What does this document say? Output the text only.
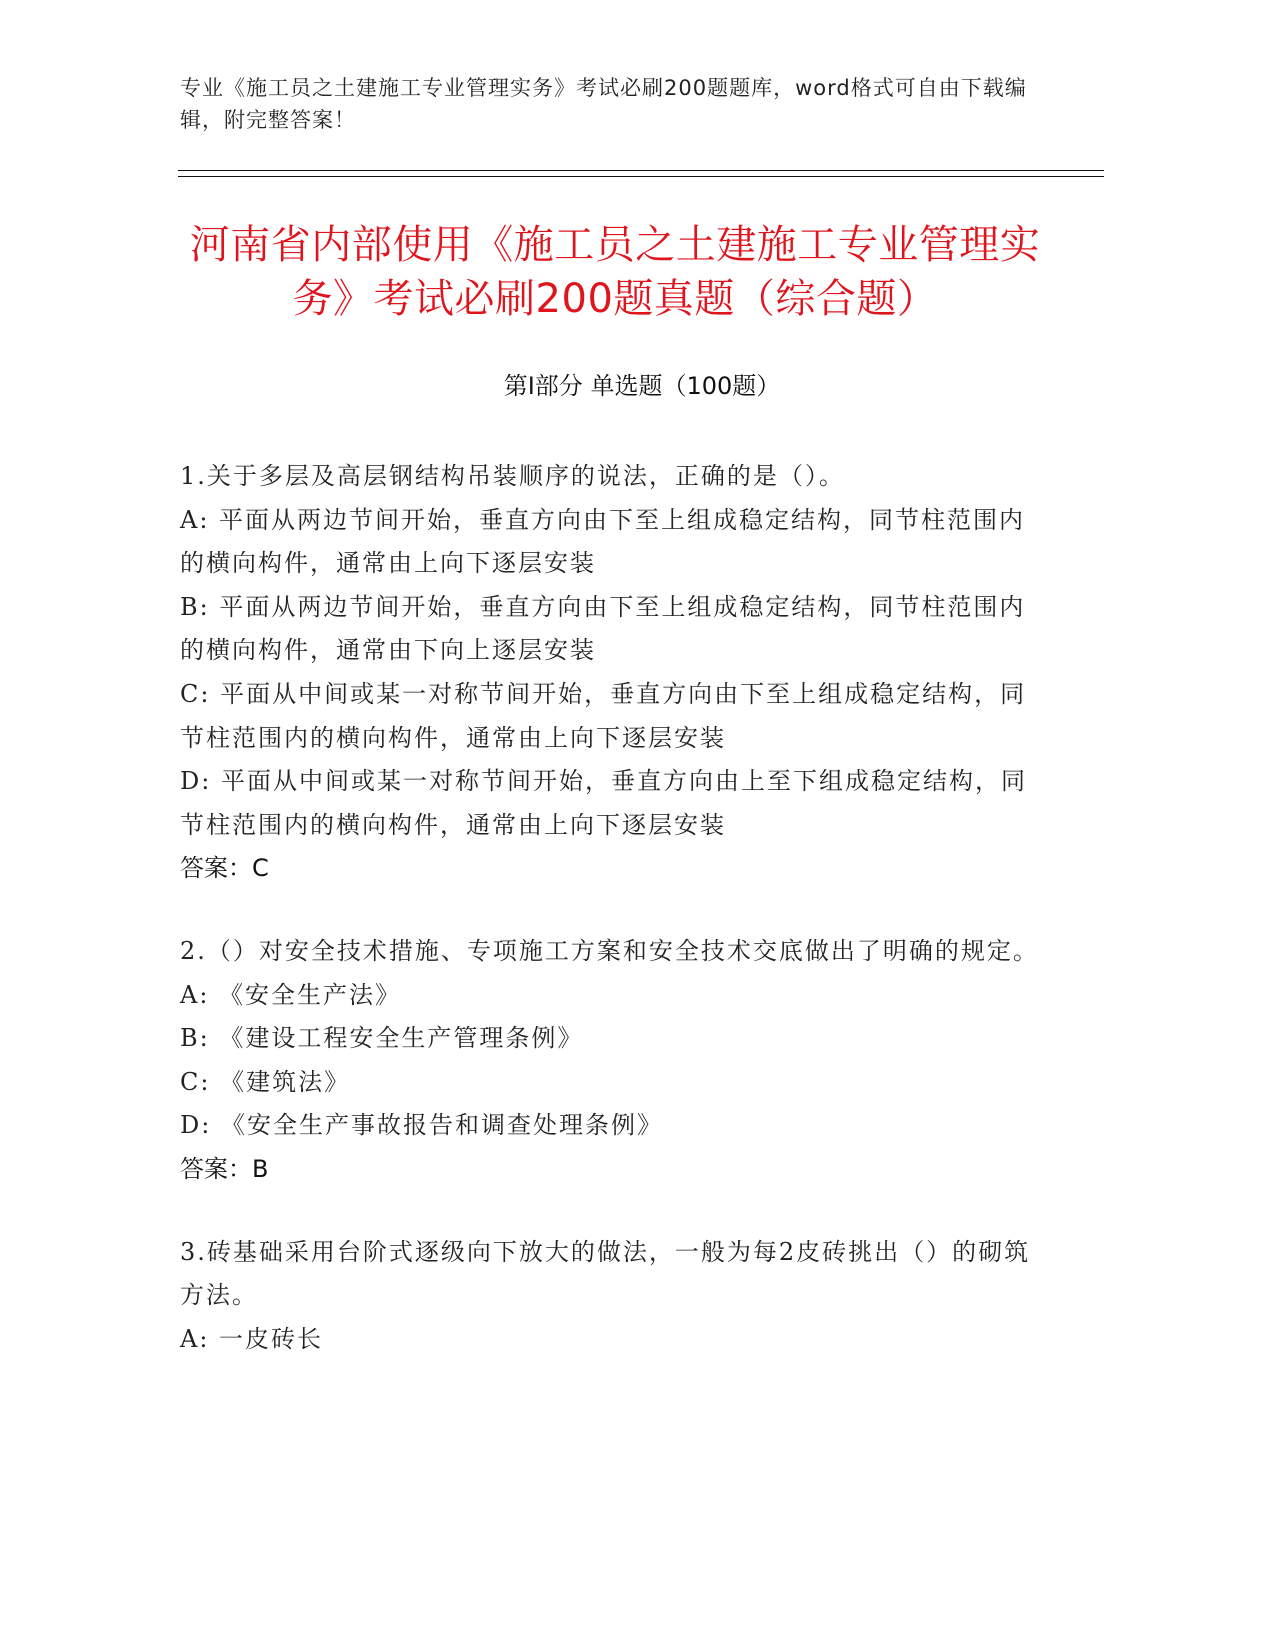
专业《施工员之土建施工专业管理实务》考试必刷200题题库，word格式可自由下载编辑，附完整答案！
河南省内部使用《施工员之土建施工专业管理实务》考试必刷200题真题（综合题）
第I部分 单选题（100题）
1.关于多层及高层钢结构吊装顺序的说法，正确的是（）。
A: 平面从两边节间开始，垂直方向由下至上组成稳定结构，同节柱范围内的横向构件，通常由上向下逐层安装
B: 平面从两边节间开始，垂直方向由下至上组成稳定结构，同节柱范围内的横向构件，通常由下向上逐层安装
C: 平面从中间或某一对称节间开始，垂直方向由下至上组成稳定结构，同节柱范围内的横向构件，通常由上向下逐层安装
D: 平面从中间或某一对称节间开始，垂直方向由上至下组成稳定结构，同节柱范围内的横向构件，通常由上向下逐层安装
答案：C
2.（）对安全技术措施、专项施工方案和安全技术交底做出了明确的规定。
A: 《安全生产法》
B: 《建设工程安全生产管理条例》
C: 《建筑法》
D: 《安全生产事故报告和调查处理条例》
答案：B
3.砖基础采用台阶式逐级向下放大的做法，一般为每2皮砖挑出（）的砌筑方法。
A: 一皮砖长
